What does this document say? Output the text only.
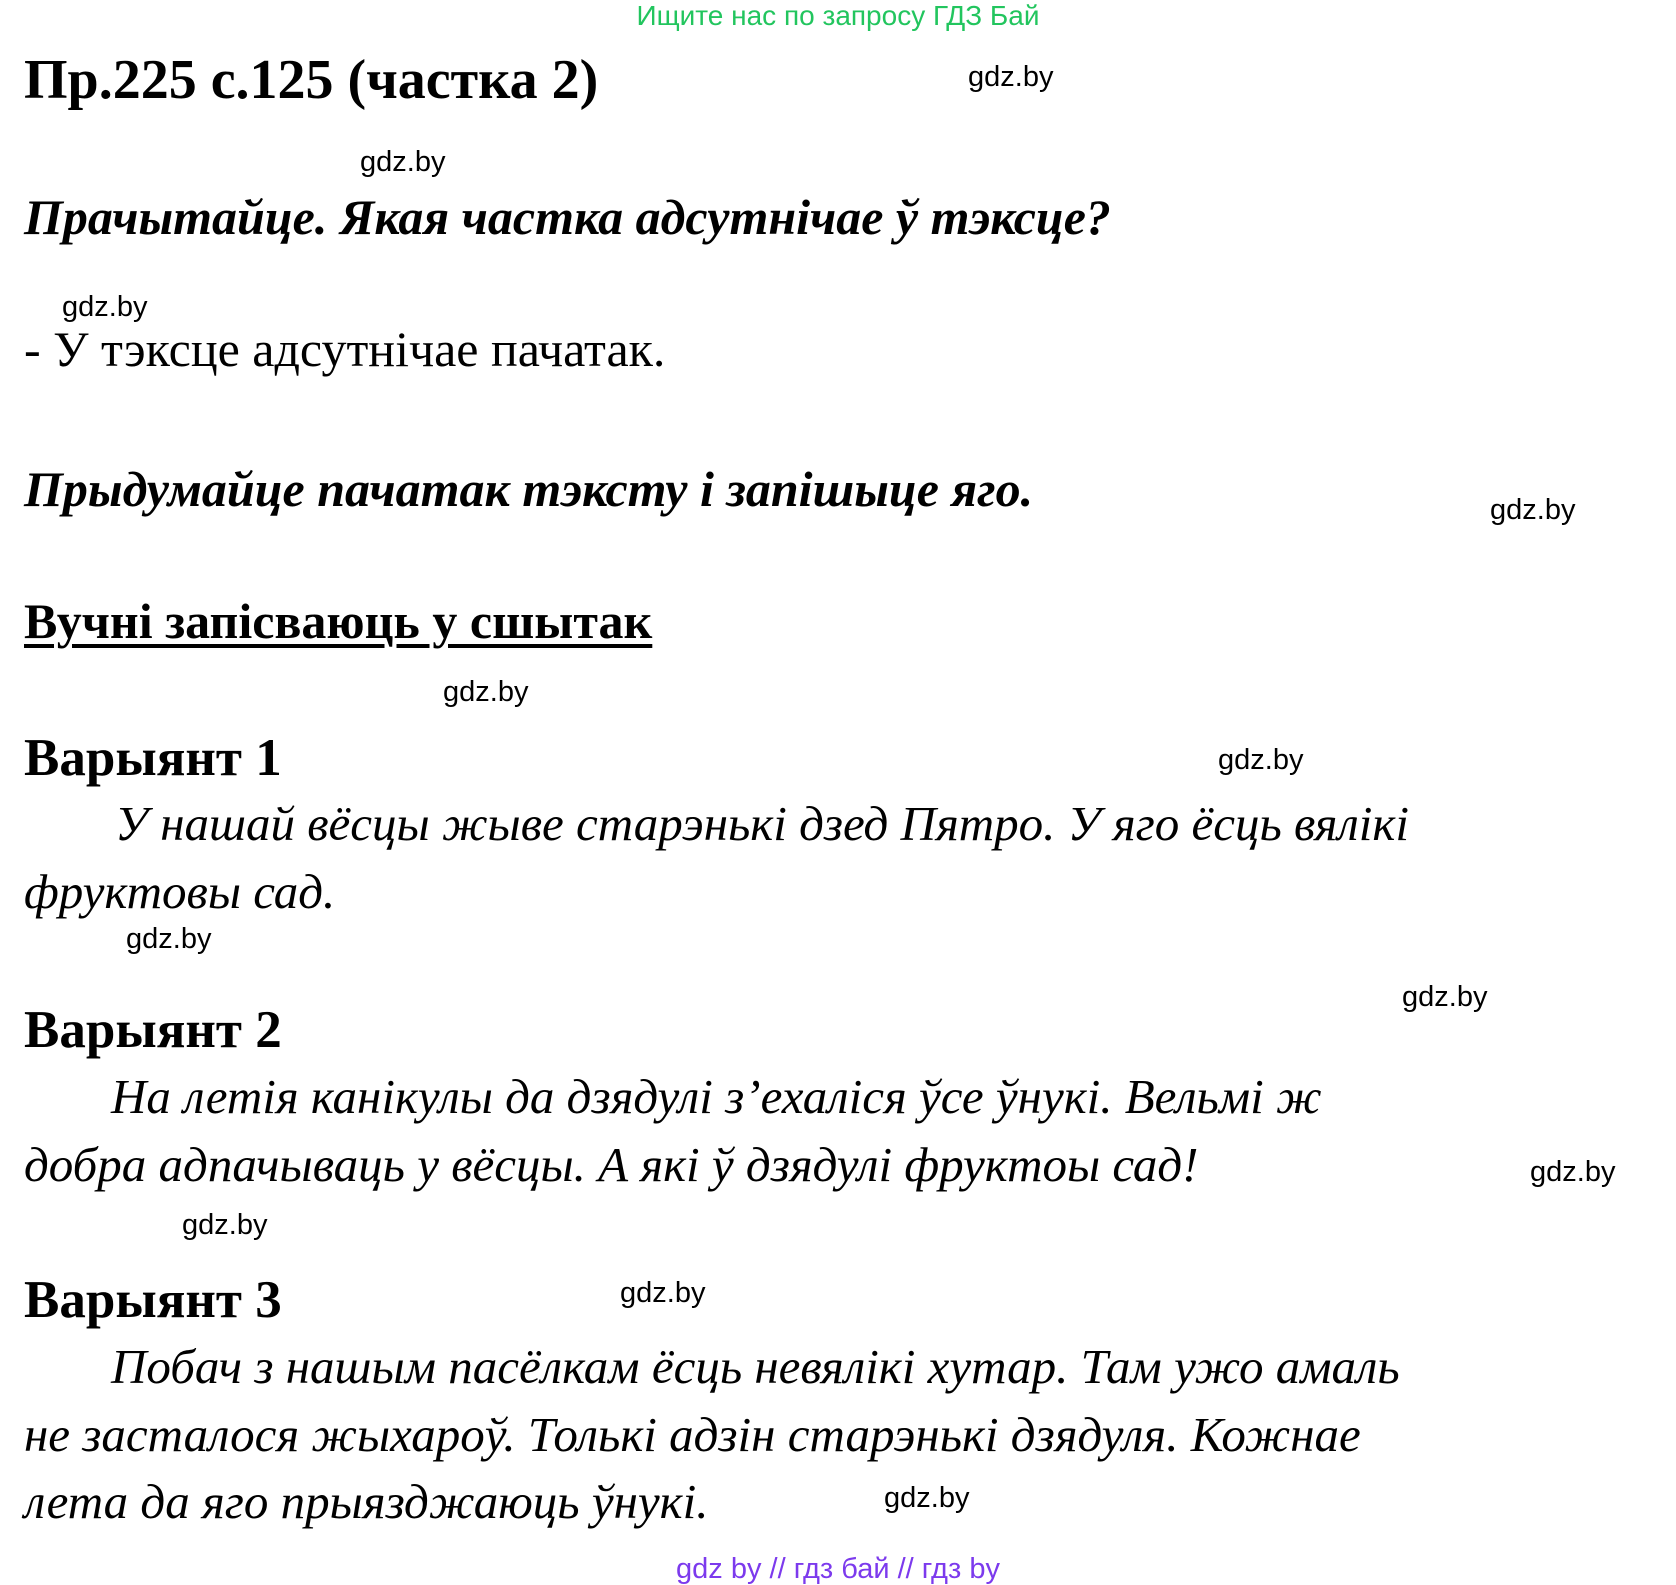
Ищите нас по запросу ГДЗ Бай
Пр.225 с.125 (частка 2)
Прачытайце. Якая частка адсутнічае ў тэксце?
- У тэксце адсутнічае пачатак.
Прыдумайце пачатак тэксту і запішыце яго.
Вучні запісваюць у сшытак
Варыянт 1
У нашай вёсцы жыве старэнькі дзед Пятро. У яго ёсць вялікі
фруктовы сад.
Варыянт 2
На летія канікулы да дзядулі з’ехаліся ўсе ўнукі. Вельмі ж
добра адпачываць у вёсцы. А які ў дзядулі фруктоы сад!
Варыянт 3
Побач з нашым пасёлкам ёсць невялікі хутар. Там ужо амаль
не засталося жыхароў. Толькі адзін старэнькі дзядуля. Кожнае
лета да яго прыязджаюць ўнукі.
gdz.by
gdz.by
gdz.by
gdz.by
gdz.by
gdz.by
gdz.by
gdz.by
gdz.by
gdz.by
gdz.by
gdz.by
gdz by // гдз бай // гдз by
